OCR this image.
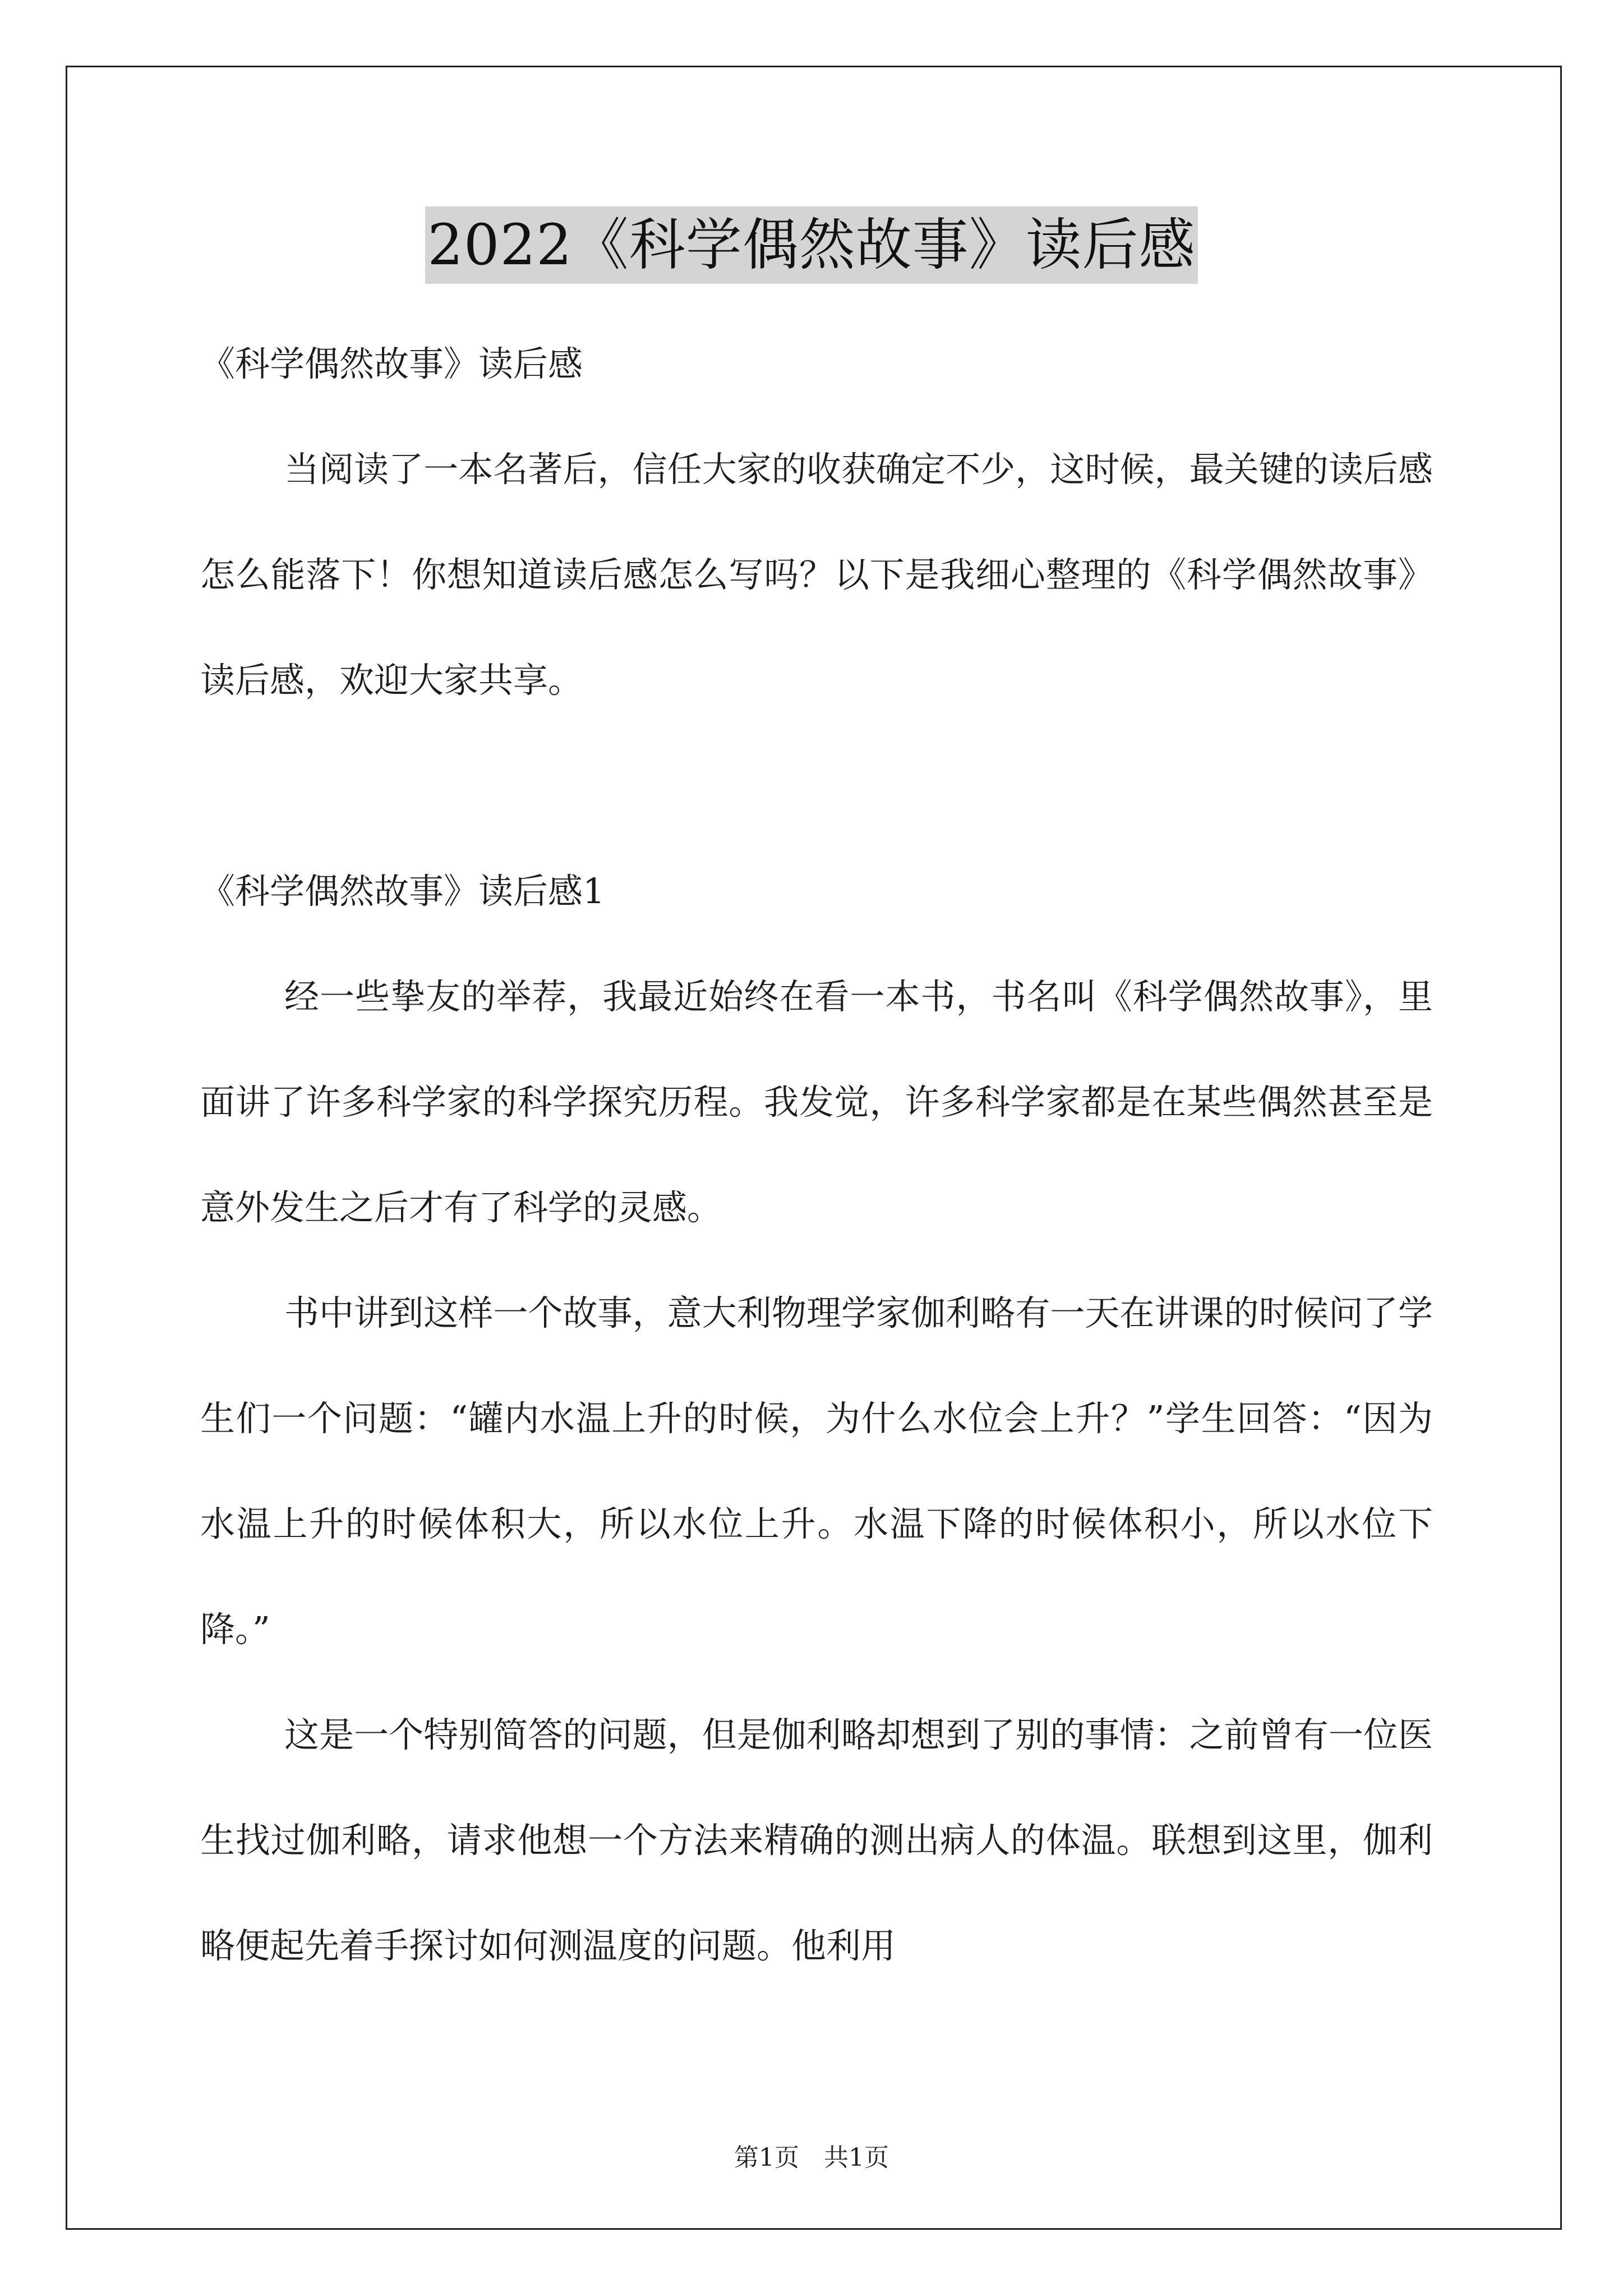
2022《科学偶然故事》读后感

《科学偶然故事》读后感

当阅读了一本名著后，信任大家的收获确定不少，这时候，最关键的读后感怎么能落下！你想知道读后感怎么写吗？以下是我细心整理的《科学偶然故事》读后感，欢迎大家共享。

《科学偶然故事》读后感1

经一些挚友的举荐，我最近始终在看一本书，书名叫《科学偶然故事》，里面讲了许多科学家的科学探究历程。我发觉，许多科学家都是在某些偶然甚至是意外发生之后才有了科学的灵感。

书中讲到这样一个故事，意大利物理学家伽利略有一天在讲课的时候问了学生们一个问题：“罐内水温上升的时候，为什么水位会上升？”学生回答：“因为水温上升的时候体积大，所以水位上升。水温下降的时候体积小，所以水位下降。”

这是一个特别简答的问题，但是伽利略却想到了别的事情：之前曾有一位医生找过伽利略，请求他想一个方法来精确的测出病人的体温。联想到这里，伽利略便起先着手探讨如何测温度的问题。他利用

第1页　共1页
